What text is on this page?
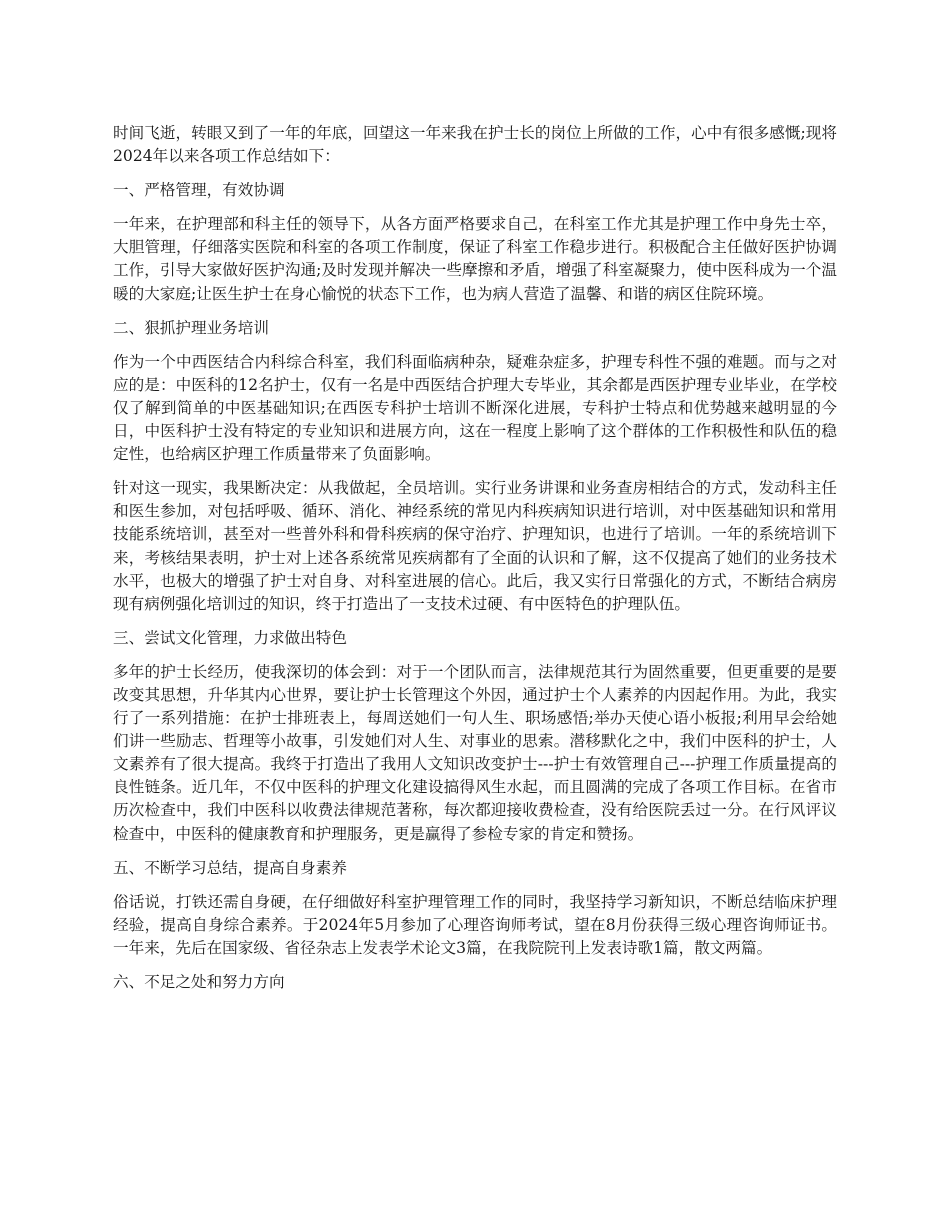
时间飞逝，转眼又到了一年的年底，回望这一年来我在护士长的岗位上所做的工作，心中有很多感慨;现将2024年以来各项工作总结如下：

一、严格管理，有效协调

一年来，在护理部和科主任的领导下，从各方面严格要求自己，在科室工作尤其是护理工作中身先士卒，大胆管理，仔细落实医院和科室的各项工作制度，保证了科室工作稳步进行。积极配合主任做好医护协调工作，引导大家做好医护沟通;及时发现并解决一些摩擦和矛盾，增强了科室凝聚力，使中医科成为一个温暖的大家庭;让医生护士在身心愉悦的状态下工作，也为病人营造了温馨、和谐的病区住院环境。

二、狠抓护理业务培训

作为一个中西医结合内科综合科室，我们科面临病种杂，疑难杂症多，护理专科性不强的难题。而与之对应的是：中医科的12名护士，仅有一名是中西医结合护理大专毕业，其余都是西医护理专业毕业，在学校仅了解到简单的中医基础知识;在西医专科护士培训不断深化进展，专科护士特点和优势越来越明显的今日，中医科护士没有特定的专业知识和进展方向，这在一程度上影响了这个群体的工作积极性和队伍的稳定性，也给病区护理工作质量带来了负面影响。

针对这一现实，我果断决定：从我做起，全员培训。实行业务讲课和业务查房相结合的方式，发动科主任和医生参加，对包括呼吸、循环、消化、神经系统的常见内科疾病知识进行培训，对中医基础知识和常用技能系统培训，甚至对一些普外科和骨科疾病的保守治疗、护理知识，也进行了培训。一年的系统培训下来，考核结果表明，护士对上述各系统常见疾病都有了全面的认识和了解，这不仅提高了她们的业务技术水平，也极大的增强了护士对自身、对科室进展的信心。此后，我又实行日常强化的方式，不断结合病房现有病例强化培训过的知识，终于打造出了一支技术过硬、有中医特色的护理队伍。

三、尝试文化管理，力求做出特色

多年的护士长经历，使我深切的体会到：对于一个团队而言，法律规范其行为固然重要，但更重要的是要改变其思想，升华其内心世界，要让护士长管理这个外因，通过护士个人素养的内因起作用。为此，我实行了一系列措施：在护士排班表上，每周送她们一句人生、职场感悟;举办天使心语小板报;利用早会给她们讲一些励志、哲理等小故事，引发她们对人生、对事业的思索。潜移默化之中，我们中医科的护士，人文素养有了很大提高。我终于打造出了我用人文知识改变护士---护士有效管理自己---护理工作质量提高的良性链条。近几年，不仅中医科的护理文化建设搞得风生水起，而且圆满的完成了各项工作目标。在省市历次检查中，我们中医科以收费法律规范著称，每次都迎接收费检查，没有给医院丢过一分。在行风评议检查中，中医科的健康教育和护理服务，更是赢得了参检专家的肯定和赞扬。

五、不断学习总结，提高自身素养

俗话说，打铁还需自身硬，在仔细做好科室护理管理工作的同时，我坚持学习新知识，不断总结临床护理经验，提高自身综合素养。于2024年5月参加了心理咨询师考试，望在8月份获得三级心理咨询师证书。一年来，先后在国家级、省径杂志上发表学术论文3篇，在我院院刊上发表诗歌1篇，散文两篇。

六、不足之处和努力方向
